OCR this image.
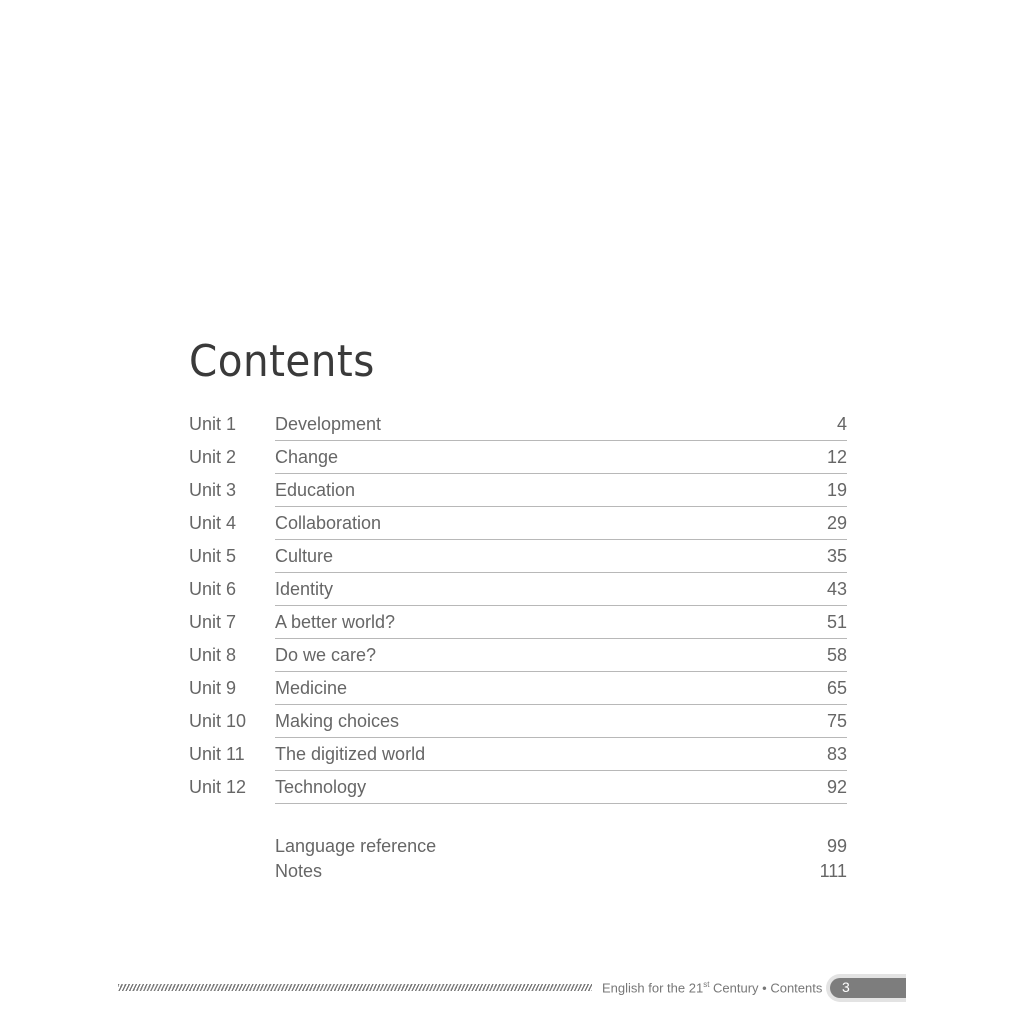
Contents
Unit 1 Development	4
Unit 2 Change	12
Unit 3 Education	19
Unit 4 Collaboration	29
Unit 5 Culture	35
Unit 6 Identity	43
Unit 7 A better world?	51
Unit 8 Do we care?	58
Unit 9 Medicine	65
Unit 10 Making choices	75
Unit 11 The digitized world	83
Unit 12 Technology	92
Language reference	99
Notes	111
English for the 21st Century • Contents 3
